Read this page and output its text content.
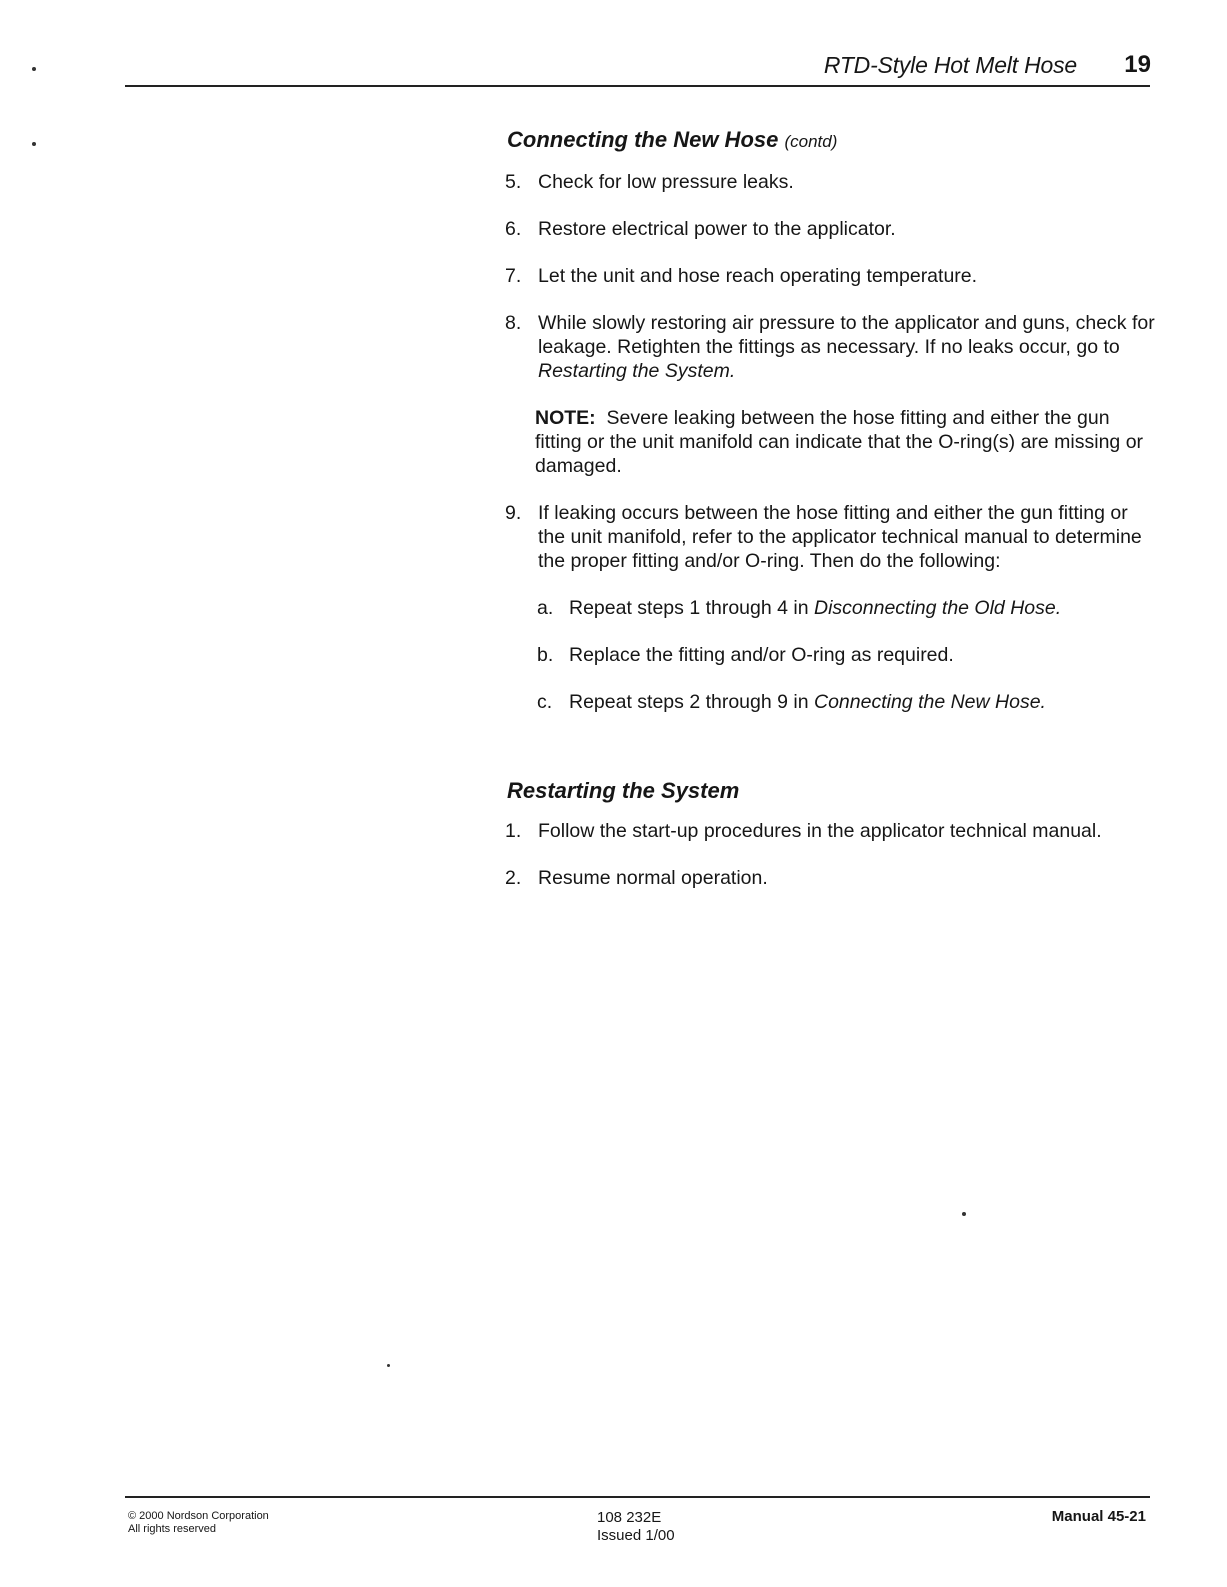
RTD-Style Hot Melt Hose 19
Connecting the New Hose (contd)
5. Check for low pressure leaks.
6. Restore electrical power to the applicator.
7. Let the unit and hose reach operating temperature.
8. While slowly restoring air pressure to the applicator and guns, check for leakage. Retighten the fittings as necessary. If no leaks occur, go to Restarting the System.
NOTE: Severe leaking between the hose fitting and either the gun fitting or the unit manifold can indicate that the O-ring(s) are missing or damaged.
9. If leaking occurs between the hose fitting and either the gun fitting or the unit manifold, refer to the applicator technical manual to determine the proper fitting and/or O-ring. Then do the following:
a. Repeat steps 1 through 4 in Disconnecting the Old Hose.
b. Replace the fitting and/or O-ring as required.
c. Repeat steps 2 through 9 in Connecting the New Hose.
Restarting the System
1. Follow the start-up procedures in the applicator technical manual.
2. Resume normal operation.
© 2000 Nordson Corporation
All rights reserved
108 232E
Issued 1/00
Manual 45-21
